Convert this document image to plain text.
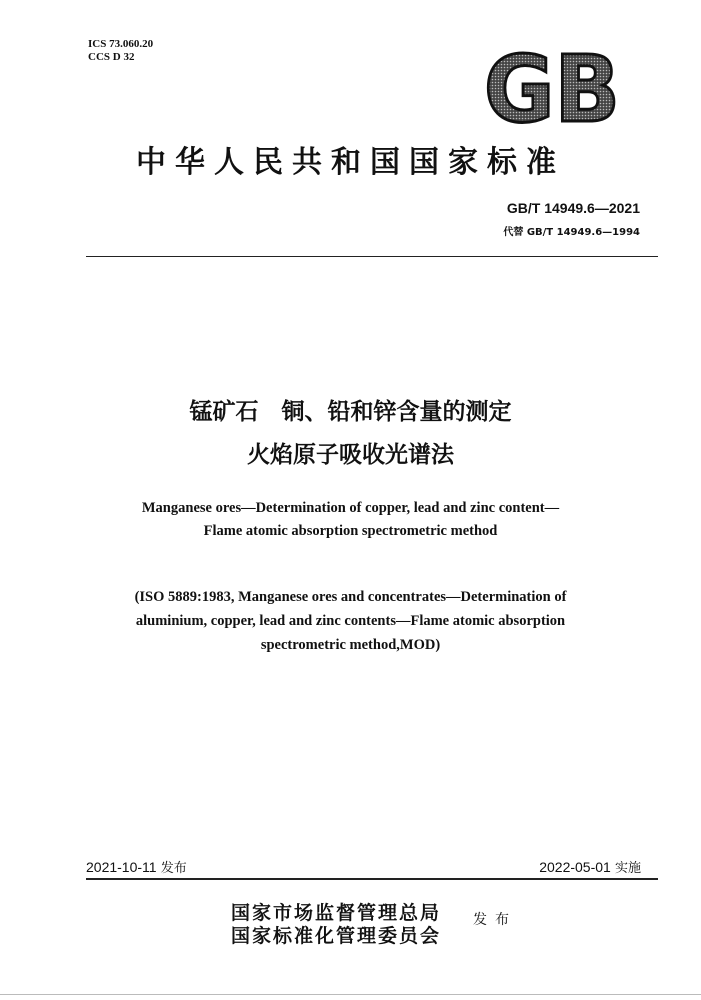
ICS 73.060.20
CCS D 32	GB
中华人民共和国国家标准
GB/T 14949.6—2021
代替 GB/T 14949.6—1994
锰矿石　铜、铅和锌含量的测定
火焰原子吸收光谱法
Manganese ores—Determination of copper, lead and zinc content—
Flame atomic absorption spectrometric method
(ISO 5889:1983, Manganese ores and concentrates—Determination of
aluminium, copper, lead and zinc contents—Flame atomic absorption
spectrometric method,MOD)
2021-10-11 发布	2022-05-01 实施
国家市场监督管理总局
国家标准化管理委员会
发布
